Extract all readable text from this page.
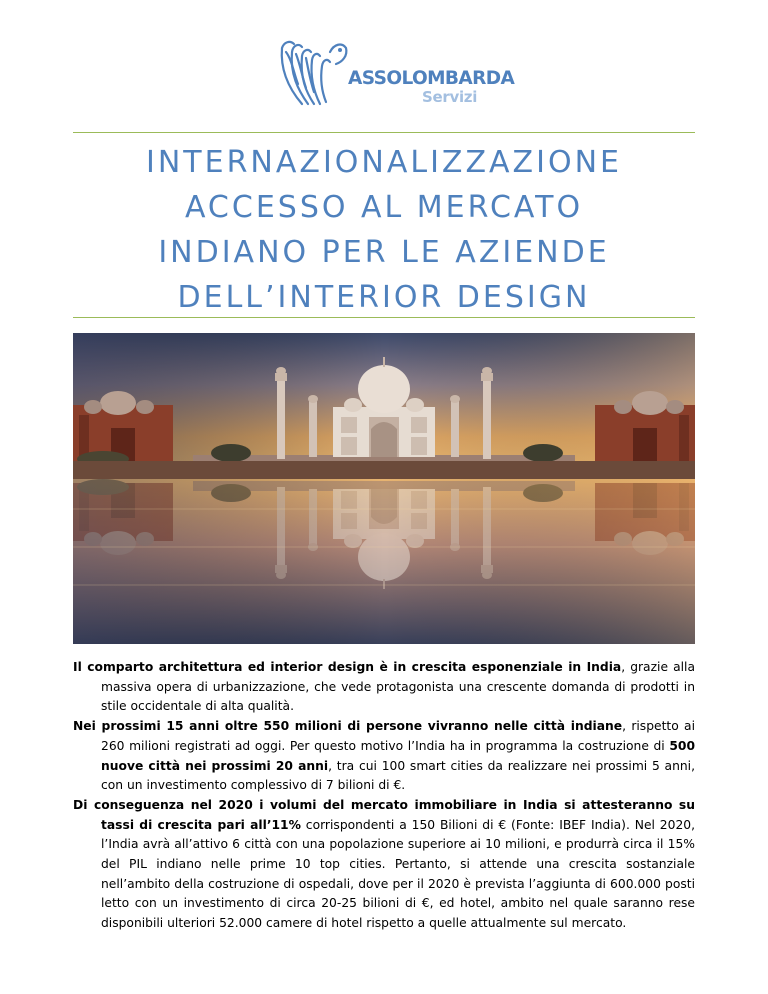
ASSOLOMBARDA
Servizi
INTERNAZIONALIZZAZIONE
ACCESSO AL MERCATO
INDIANO PER LE AZIENDE
DELL’INTERIOR DESIGN

Il comparto architettura ed interior design è in crescita esponenziale in India, grazie alla massiva opera di urbanizzazione, che vede protagonista una crescente domanda di prodotti in stile occidentale di alta qualità.

Nei prossimi 15 anni oltre 550 milioni di persone vivranno nelle città indiane, rispetto ai 260 milioni registrati ad oggi. Per questo motivo l’India ha in programma la costruzione di 500 nuove città nei prossimi 20 anni, tra cui 100 smart cities da realizzare nei prossimi 5 anni, con un investimento complessivo di 7 bilioni di €.

Di conseguenza nel 2020 i volumi del mercato immobiliare in India si attesteranno su tassi di crescita pari all’11% corrispondenti a 150 Bilioni di € (Fonte: IBEF India). Nel 2020, l’India avrà all’attivo 6 città con una popolazione superiore ai 10 milioni, e produrrà circa il 15% del PIL indiano nelle prime 10 top cities. Pertanto, si attende una crescita sostanziale nell’ambito della costruzione di ospedali, dove per il 2020 è prevista l’aggiunta di 600.000 posti letto con un investimento di circa 20-25 bilioni di €, ed hotel, ambito nel quale saranno rese disponibili ulteriori 52.000 camere di hotel rispetto a quelle attualmente sul mercato.
